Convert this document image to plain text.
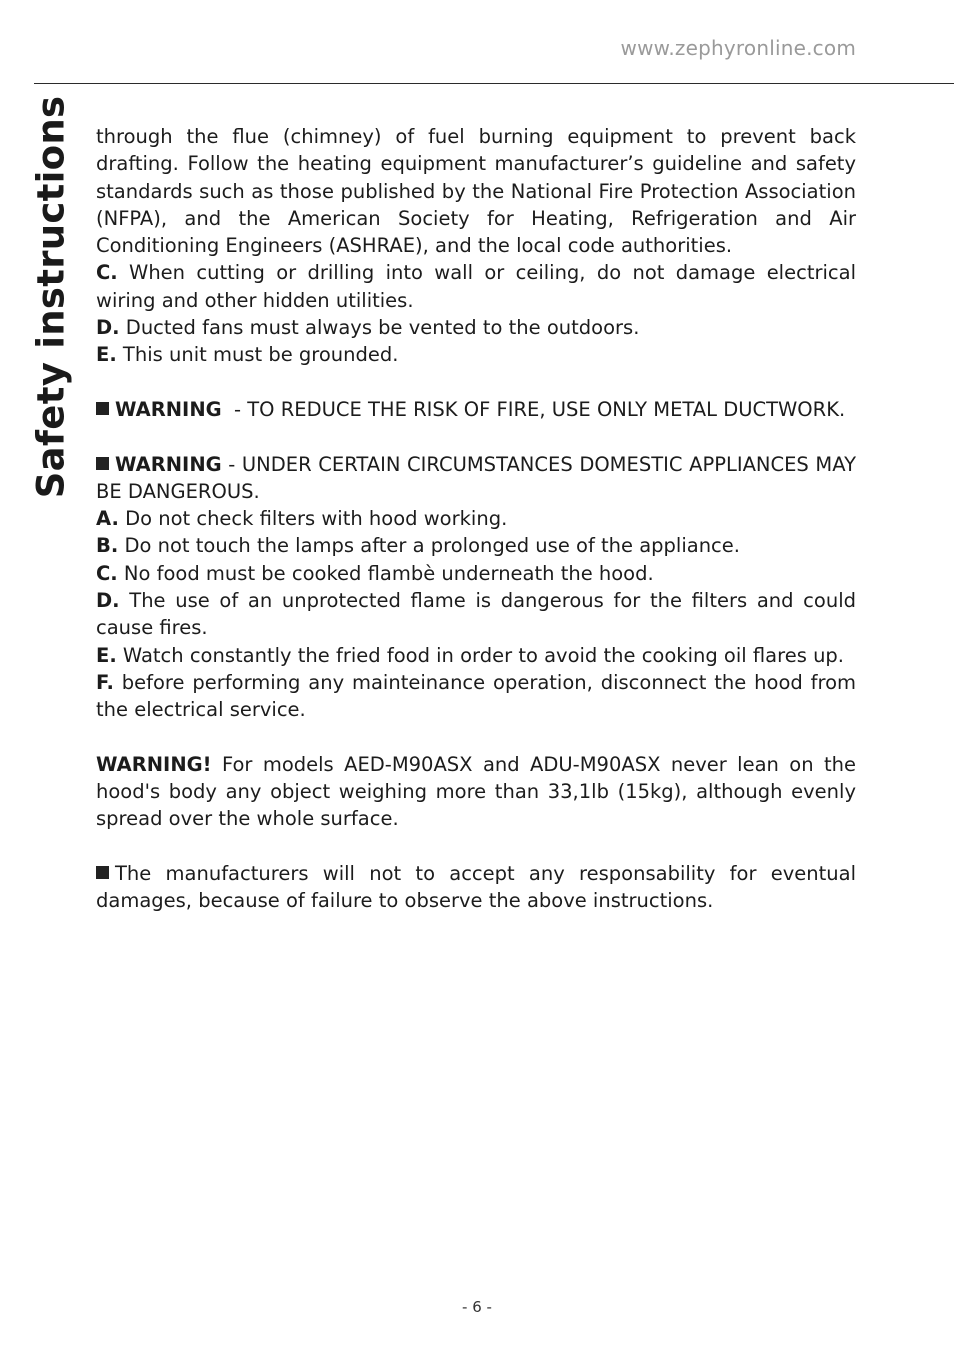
www.zephyronline.com
Safety instructions through the flue (chimney) of fuel burning equipment to prevent back drafting. Follow the heating equipment manufacturer’s guideline and safety standards such as those published by the National Fire Protection Association (NFPA), and the American Society for Heating, Refrigeration and Air Conditioning Engineers (ASHRAE), and the local code authorities.

C. When cutting or drilling into wall or ceiling, do not damage electrical wiring and other hidden utilities.

D. Ducted fans must always be vented to the outdoors.

E. This unit must be grounded.

WARNING  - TO REDUCE THE RISK OF FIRE, USE ONLY METAL DUCTWORK.

WARNING - UNDER CERTAIN CIRCUMSTANCES DOMESTIC APPLIANCES MAY BE DANGEROUS.

A. Do not check filters with hood working.

B. Do not touch the lamps after a prolonged use of the appliance.

C. No food must be cooked flambè underneath the hood.

D. The use of an unprotected flame is dangerous for the filters and could cause fires.

E. Watch constantly the fried food in order to avoid the cooking oil flares up.

F. before performing any mainteinance operation, disconnect the hood from the electrical service.

WARNING! For models AED-M90ASX and ADU-M90ASX never lean on the hood's body any object weighing more than 33,1lb (15kg), although evenly spread over the whole surface.

The manufacturers will not to accept any responsability for eventual damages, because of failure to observe the above instructions.

- 6 -
